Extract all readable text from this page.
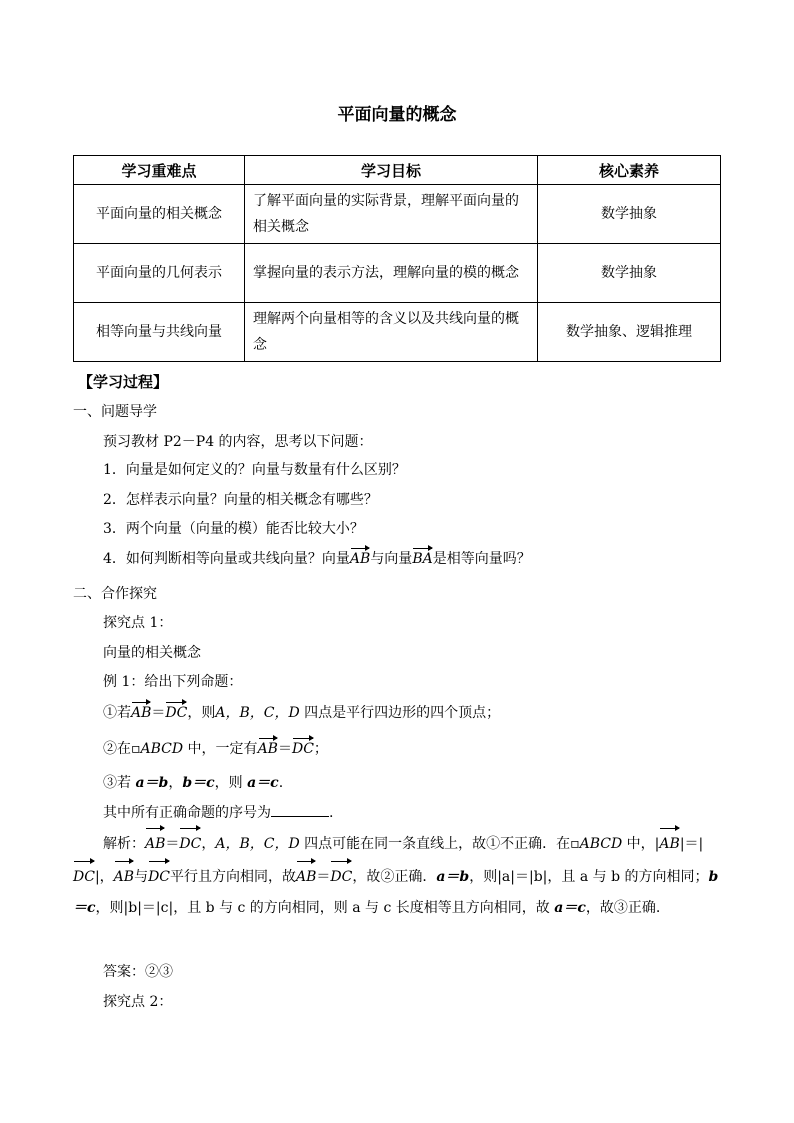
平面向量的概念
学习重难点	学习目标	核心素养
平面向量的相关概念	了解平面向量的实际背景，理解平面向量的相关概念	数学抽象
平面向量的几何表示	掌握向量的表示方法，理解向量的模的概念	数学抽象
相等向量与共线向量	理解两个向量相等的含义以及共线向量的概念	数学抽象、逻辑推理
【学习过程】
一、问题导学
预习教材 P2－P4 的内容，思考以下问题：
1．向量是如何定义的？向量与数量有什么区别？
2．怎样表示向量？向量的相关概念有哪些？
3．两个向量（向量的模）能否比较大小？
4．如何判断相等向量或共线向量？向量AB与向量BA是相等向量吗？
二、合作探究
探究点 1：
向量的相关概念
例 1：给出下列命题：
①若AB＝DC，则A，B，C，D 四点是平行四边形的四个顶点；
②在▫ABCD 中，一定有AB＝DC；
③若 a＝b，b＝c，则 a＝c.
其中所有正确命题的序号为	.
解析：AB＝DC，A，B，C，D 四点可能在同一条直线上，故①不正确．在▫ABCD 中，|AB|＝|DC|，AB与DC平行且方向相同，故AB＝DC，故②正确．a＝b，则|a|＝|b|，且 a 与 b 的方向相同；b＝c，则|b|＝|c|，且 b 与 c 的方向相同，则 a 与 c 长度相等且方向相同，故 a＝c，故③正确.
答案：②③
探究点 2：
